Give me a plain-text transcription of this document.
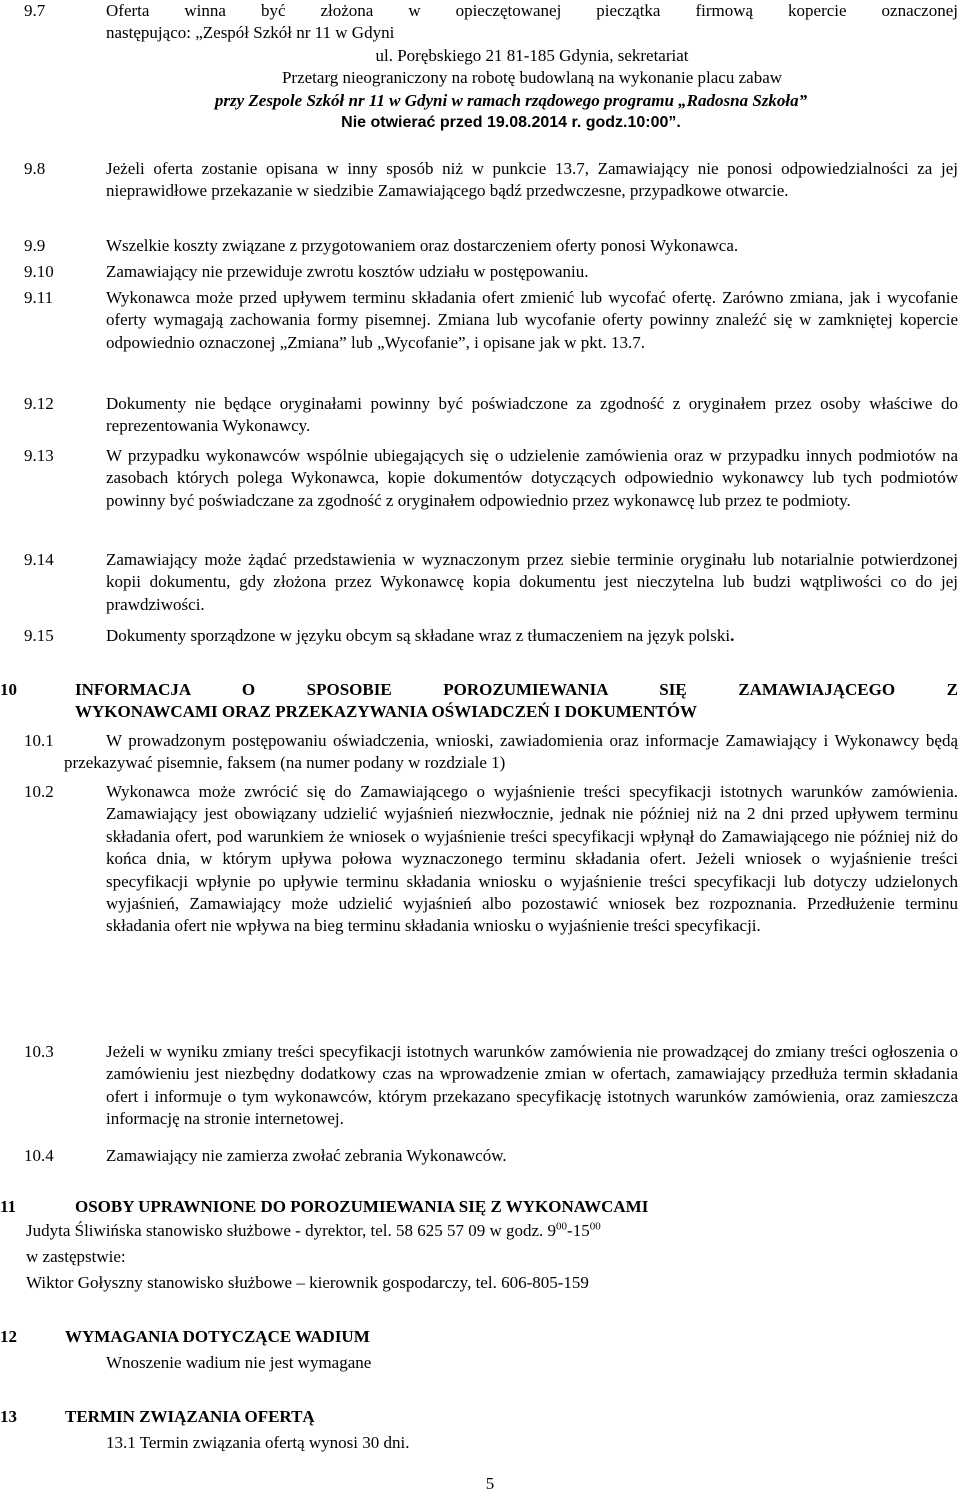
9.7	Oferta winna być złożona w opieczętowanej pieczątka firmową kopercie oznaczonej

następująco: „Zespół Szkół nr 11 w Gdyni

ul. Porębskiego 21 81-185 Gdynia, sekretariat

Przetarg nieograniczony na robotę budowlaną na wykonanie placu zabaw

przy Zespole Szkół nr 11 w Gdyni w ramach rządowego programu „Radosna Szkoła”

Nie otwierać przed 19.08.2014 r. godz.10:00”.

9.8	Jeżeli oferta zostanie opisana w inny sposób niż w punkcie 13.7, Zamawiający nie ponosi odpowiedzialności za jej nieprawidłowe przekazanie w siedzibie Zamawiającego bądź przedwczesne, przypadkowe otwarcie.

9.9	Wszelkie koszty związane z przygotowaniem oraz dostarczeniem oferty ponosi Wykonawca.

9.10	Zamawiający nie przewiduje zwrotu kosztów udziału w postępowaniu.

9.11	Wykonawca może przed upływem terminu składania ofert zmienić lub wycofać ofertę. Zarówno zmiana, jak i wycofanie oferty wymagają zachowania formy pisemnej. Zmiana lub wycofanie oferty powinny znaleźć się w zamkniętej kopercie odpowiednio oznaczonej „Zmiana” lub „Wycofanie”, i opisane jak w pkt. 13.7.

9.12	Dokumenty nie będące oryginałami powinny być poświadczone za zgodność z oryginałem przez osoby właściwe do reprezentowania Wykonawcy.

9.13	W przypadku wykonawców wspólnie ubiegających się o udzielenie zamówienia oraz w przypadku innych podmiotów na zasobach których polega Wykonawca, kopie dokumentów dotyczących odpowiednio wykonawcy lub tych podmiotów powinny być poświadczane za zgodność z oryginałem odpowiednio przez wykonawcę lub przez te podmioty.

9.14	Zamawiający może żądać przedstawienia w wyznaczonym przez siebie terminie oryginału lub notarialnie potwierdzonej kopii dokumentu, gdy złożona przez Wykonawcę kopia dokumentu jest nieczytelna lub budzi wątpliwości co do jej prawdziwości.

9.15	Dokumenty sporządzone w języku obcym są składane wraz z tłumaczeniem na język polski.

10	INFORMACJA O SPOSOBIE POROZUMIEWANIA SIĘ ZAMAWIAJĄCEGO Z
WYKONAWCAMI ORAZ PRZEKAZYWANIA OŚWIADCZEŃ I DOKUMENTÓW
10.1	W prowadzonym postępowaniu oświadczenia, wnioski, zawiadomienia oraz informacje Zamawiający i Wykonawcy będą przekazywać pisemnie, faksem (na numer podany w rozdziale 1)

10.2	Wykonawca może zwrócić się do Zamawiającego o wyjaśnienie treści specyfikacji istotnych warunków zamówienia. Zamawiający jest obowiązany udzielić wyjaśnień niezwłocznie, jednak nie później niż na 2 dni przed upływem terminu składania ofert, pod warunkiem że wniosek o wyjaśnienie treści specyfikacji wpłynął do Zamawiającego nie później niż do końca dnia, w którym upływa połowa wyznaczonego terminu składania ofert. Jeżeli wniosek o wyjaśnienie treści specyfikacji wpłynie po upływie terminu składania wniosku o wyjaśnienie treści specyfikacji lub dotyczy udzielonych wyjaśnień, Zamawiający może udzielić wyjaśnień albo pozostawić wniosek bez rozpoznania. Przedłużenie terminu składania ofert nie wpływa na bieg terminu składania wniosku o wyjaśnienie treści specyfikacji.

10.3	Jeżeli w wyniku zmiany treści specyfikacji istotnych warunków zamówienia nie prowadzącej do zmiany treści ogłoszenia o zamówieniu jest niezbędny dodatkowy czas na wprowadzenie zmian w ofertach, zamawiający przedłuża termin składania ofert i informuje o tym wykonawców, którym przekazano specyfikację istotnych warunków zamówienia, oraz zamieszcza informację na stronie internetowej.

10.4	Zamawiający nie zamierza zwołać zebrania Wykonawców.

11	OSOBY UPRAWNIONE DO POROZUMIEWANIA SIĘ Z WYKONAWCAMI
Judyta Śliwińska stanowisko służbowe - dyrektor, tel. 58 625 57 09 w godz. $9^{00}-15^{00}$
w zastępstwie:
Wiktor Gołyszny stanowisko służbowe – kierownik gospodarczy, tel. 606-805-159
12	WYMAGANIA DOTYCZĄCE WADIUM
Wnoszenie wadium nie jest wymagane
13	TERMIN ZWIĄZANIA OFERTĄ
13.1 Termin związania ofertą wynosi 30 dni.
5
